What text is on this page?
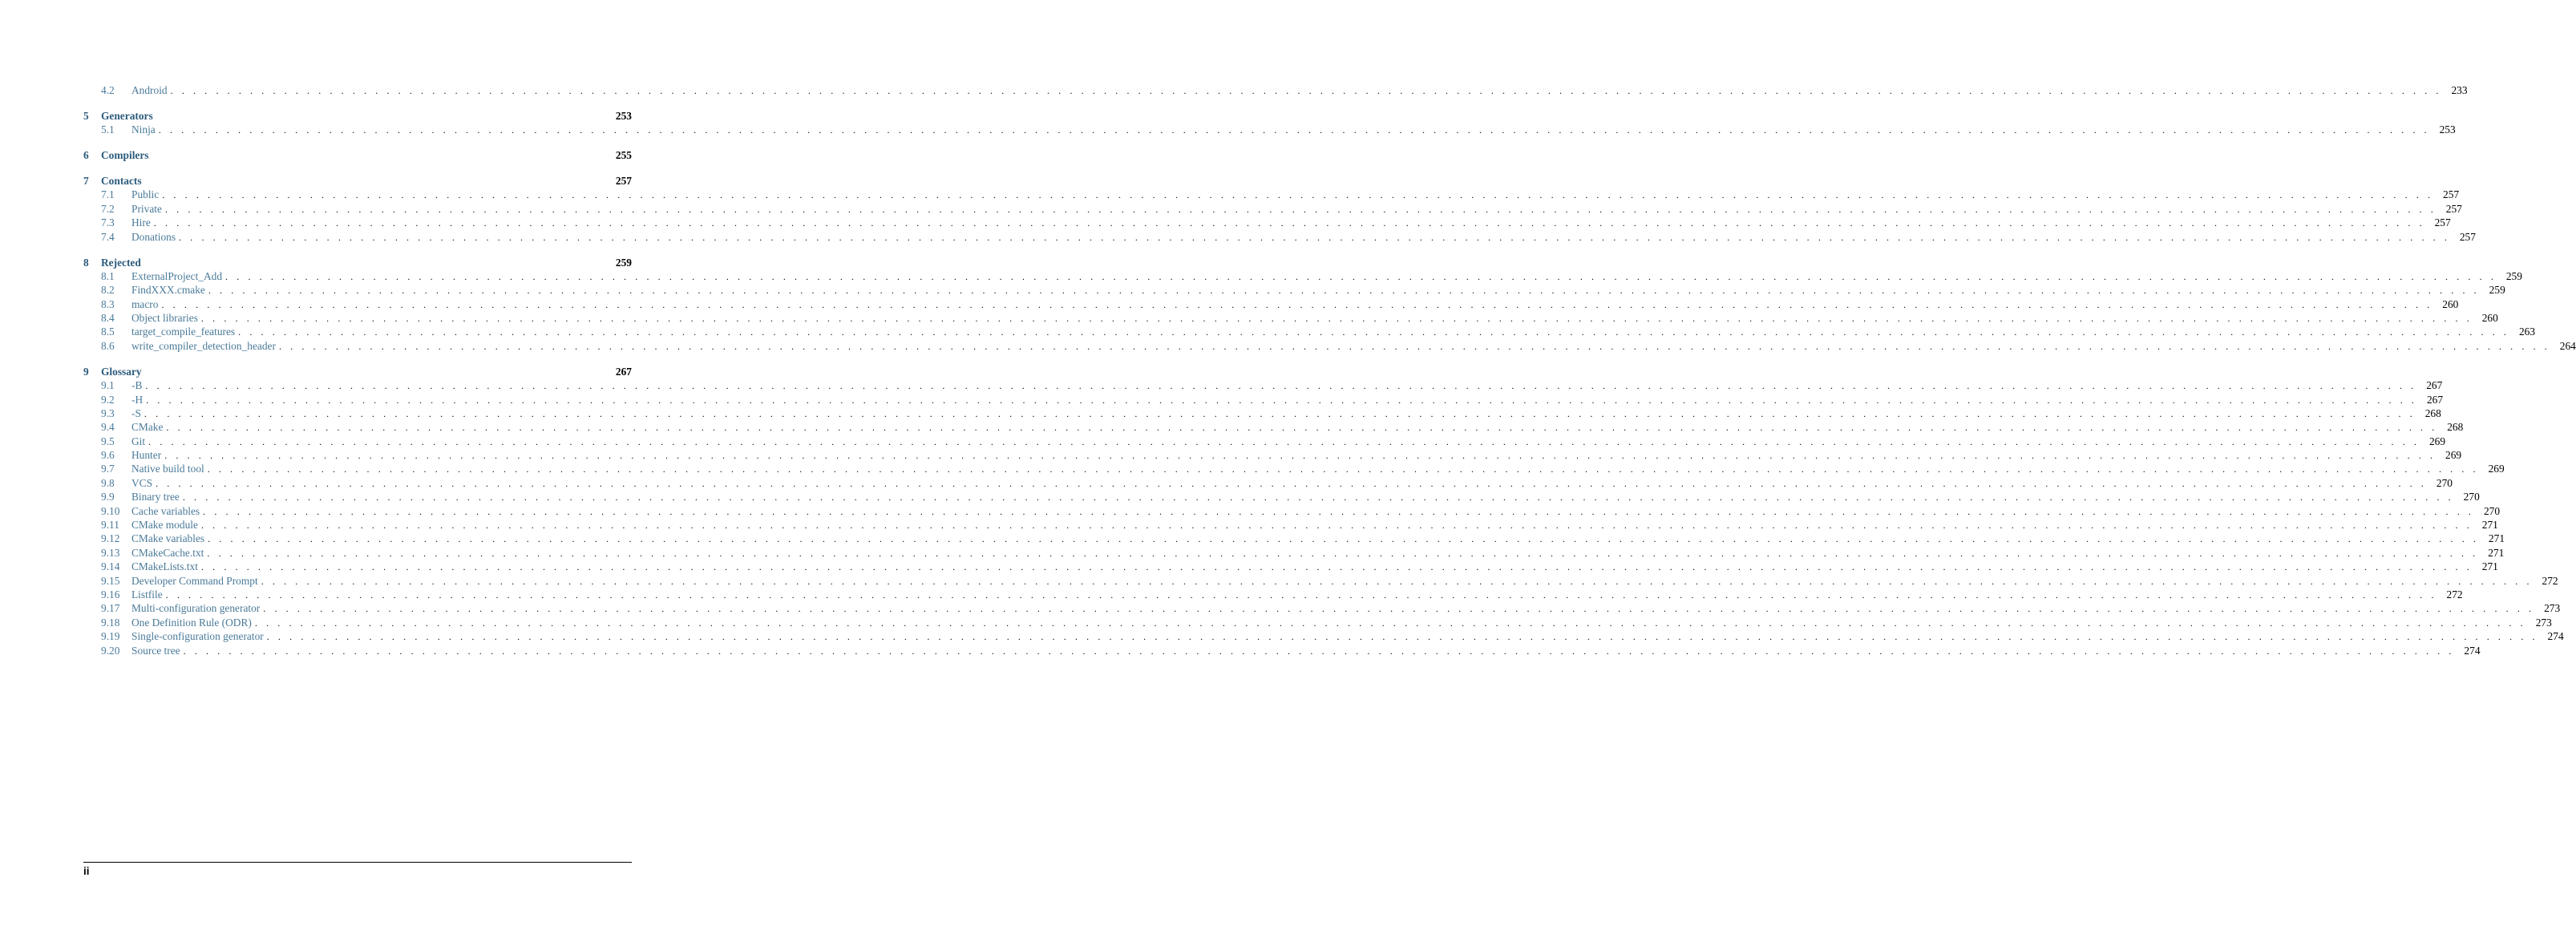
4.2	Android . . . . . . . . . . . . . . . . . . . . . . . . . . . . . . . . . . . . . . . . . . . . . . . . . . . . . . . . . . . . . . . . . . . . . . . . . . . . . . . . . . . . . . . . . . . . . . . . . . . . . . . . . . . . . . . . . . . . . . . . . . . . . . . . . . . . . . . . . . . . . . . . . . . . . . . . . . . . . . . . . . . . . . . . . . . . . . . . . . . . . . . . . . . . . . . . . . . . . . . . 233
5	Generators	253
5.1	Ninja . . . . . . . . . . . . . . . . . . . . . . . . . . . . . . . . . . . . . . . . . . . . . . . . . . . . . . . . . . . . . . . . . . . . . . . . . . . . . . . . . . . . . . . . . . . . . . . . . . . . . . . . . . . . . . . . . . . . . . . . . . . . . . . . . . . . . . . . . . . . . . . . . . . . . . . . . . . . . . . . . . . . . . . . . . . . . . . . . . . . . . . . . . . . . . . . . . . . . . . . 253
6	Compilers	255
7	Contacts	257
7.1	Public . . . . . . . . . . . . . . . . . . . . . . . . . . . . . . . . . . . . . . . . . . . . . . . . . . . . . . . . . . . . . . . . . . . . . . . . . . . . . . . . . . . . . . . . . . . . . . . . . . . . . . . . . . . . . . . . . . . . . . . . . . . . . . . . . . . . . . . . . . . . . . . . . . . . . . . . . . . . . . . . . . . . . . . . . . . . . . . . . . . . . . . . . . . . . . . . . . . . . . . . 257
7.2	Private . . . . . . . . . . . . . . . . . . . . . . . . . . . . . . . . . . . . . . . . . . . . . . . . . . . . . . . . . . . . . . . . . . . . . . . . . . . . . . . . . . . . . . . . . . . . . . . . . . . . . . . . . . . . . . . . . . . . . . . . . . . . . . . . . . . . . . . . . . . . . . . . . . . . . . . . . . . . . . . . . . . . . . . . . . . . . . . . . . . . . . . . . . . . . . . . . . . . . . . . 257
7.3	Hire . . . . . . . . . . . . . . . . . . . . . . . . . . . . . . . . . . . . . . . . . . . . . . . . . . . . . . . . . . . . . . . . . . . . . . . . . . . . . . . . . . . . . . . . . . . . . . . . . . . . . . . . . . . . . . . . . . . . . . . . . . . . . . . . . . . . . . . . . . . . . . . . . . . . . . . . . . . . . . . . . . . . . . . . . . . . . . . . . . . . . . . . . . . . . . . . . . . . . . . . 257
7.4	Donations . . . . . . . . . . . . . . . . . . . . . . . . . . . . . . . . . . . . . . . . . . . . . . . . . . . . . . . . . . . . . . . . . . . . . . . . . . . . . . . . . . . . . . . . . . . . . . . . . . . . . . . . . . . . . . . . . . . . . . . . . . . . . . . . . . . . . . . . . . . . . . . . . . . . . . . . . . . . . . . . . . . . . . . . . . . . . . . . . . . . . . . . . . . . . . . . . . . . . . . . 257
8	Rejected	259
8.1	ExternalProject_Add . . . . . . . . . . . . . . . . . . . . . . . . . . . . . . . . . . . . . . . . . . . . . . . . . . . . . . . . . . . . . . . . . . . . . . . . . . . . . . . . . . . . . . . . . . . . . . . . . . . . . . . . . . . . . . . . . . . . . . . . . . . . . . . . . . . . . . . . . . . . . . . . . . . . . . . . . . . . . . . . . . . . . . . . . . . . . . . . . . . . . . . . . . . . . . . . . . . . . . . . 259
8.2	FindXXX.cmake . . . . . . . . . . . . . . . . . . . . . . . . . . . . . . . . . . . . . . . . . . . . . . . . . . . . . . . . . . . . . . . . . . . . . . . . . . . . . . . . . . . . . . . . . . . . . . . . . . . . . . . . . . . . . . . . . . . . . . . . . . . . . . . . . . . . . . . . . . . . . . . . . . . . . . . . . . . . . . . . . . . . . . . . . . . . . . . . . . . . . . . . . . . . . . . . . . . . . . . . 259
8.3	macro . . . . . . . . . . . . . . . . . . . . . . . . . . . . . . . . . . . . . . . . . . . . . . . . . . . . . . . . . . . . . . . . . . . . . . . . . . . . . . . . . . . . . . . . . . . . . . . . . . . . . . . . . . . . . . . . . . . . . . . . . . . . . . . . . . . . . . . . . . . . . . . . . . . . . . . . . . . . . . . . . . . . . . . . . . . . . . . . . . . . . . . . . . . . . . . . . . . . . . . . 260
8.4	Object libraries . . . . . . . . . . . . . . . . . . . . . . . . . . . . . . . . . . . . . . . . . . . . . . . . . . . . . . . . . . . . . . . . . . . . . . . . . . . . . . . . . . . . . . . . . . . . . . . . . . . . . . . . . . . . . . . . . . . . . . . . . . . . . . . . . . . . . . . . . . . . . . . . . . . . . . . . . . . . . . . . . . . . . . . . . . . . . . . . . . . . . . . . . . . . . . . . . . . . . . . . 260
8.5	target_compile_features . . . . . . . . . . . . . . . . . . . . . . . . . . . . . . . . . . . . . . . . . . . . . . . . . . . . . . . . . . . . . . . . . . . . . . . . . . . . . . . . . . . . . . . . . . . . . . . . . . . . . . . . . . . . . . . . . . . . . . . . . . . . . . . . . . . . . . . . . . . . . . . . . . . . . . . . . . . . . . . . . . . . . . . . . . . . . . . . . . . . . . . . . . . . . . . . . . . . . . . . 263
8.6	write_compiler_detection_header . . . . . . . . . . . . . . . . . . . . . . . . . . . . . . . . . . . . . . . . . . . . . . . . . . . . . . . . . . . . . . . . . . . . . . . . . . . . . . . . . . . . . . . . . . . . . . . . . . . . . . . . . . . . . . . . . . . . . . . . . . . . . . . . . . . . . . . . . . . . . . . . . . . . . . . . . . . . . . . . . . . . . . . . . . . . . . . . . . . . . . . . . . . . . . . . . . . . . . . . 264
9	Glossary	267
9.1	-B . . . . . . . . . . . . . . . . . . . . . . . . . . . . . . . . . . . . . . . . . . . . . . . . . . . . . . . . . . . . . . . . . . . . . . . . . . . . . . . . . . . . . . . . . . . . . . . . . . . . . . . . . . . . . . . . . . . . . . . . . . . . . . . . . . . . . . . . . . . . . . . . . . . . . . . . . . . . . . . . . . . . . . . . . . . . . . . . . . . . . . . . . . . . . . . . . . . . . . . . 267
9.2	-H . . . . . . . . . . . . . . . . . . . . . . . . . . . . . . . . . . . . . . . . . . . . . . . . . . . . . . . . . . . . . . . . . . . . . . . . . . . . . . . . . . . . . . . . . . . . . . . . . . . . . . . . . . . . . . . . . . . . . . . . . . . . . . . . . . . . . . . . . . . . . . . . . . . . . . . . . . . . . . . . . . . . . . . . . . . . . . . . . . . . . . . . . . . . . . . . . . . . . . . . 267
9.3	-S . . . . . . . . . . . . . . . . . . . . . . . . . . . . . . . . . . . . . . . . . . . . . . . . . . . . . . . . . . . . . . . . . . . . . . . . . . . . . . . . . . . . . . . . . . . . . . . . . . . . . . . . . . . . . . . . . . . . . . . . . . . . . . . . . . . . . . . . . . . . . . . . . . . . . . . . . . . . . . . . . . . . . . . . . . . . . . . . . . . . . . . . . . . . . . . . . . . . . . . . 268
9.4	CMake . . . . . . . . . . . . . . . . . . . . . . . . . . . . . . . . . . . . . . . . . . . . . . . . . . . . . . . . . . . . . . . . . . . . . . . . . . . . . . . . . . . . . . . . . . . . . . . . . . . . . . . . . . . . . . . . . . . . . . . . . . . . . . . . . . . . . . . . . . . . . . . . . . . . . . . . . . . . . . . . . . . . . . . . . . . . . . . . . . . . . . . . . . . . . . . . . . . . . . . . 268
9.5	Git . . . . . . . . . . . . . . . . . . . . . . . . . . . . . . . . . . . . . . . . . . . . . . . . . . . . . . . . . . . . . . . . . . . . . . . . . . . . . . . . . . . . . . . . . . . . . . . . . . . . . . . . . . . . . . . . . . . . . . . . . . . . . . . . . . . . . . . . . . . . . . . . . . . . . . . . . . . . . . . . . . . . . . . . . . . . . . . . . . . . . . . . . . . . . . . . . . . . . . . . 269
9.6	Hunter . . . . . . . . . . . . . . . . . . . . . . . . . . . . . . . . . . . . . . . . . . . . . . . . . . . . . . . . . . . . . . . . . . . . . . . . . . . . . . . . . . . . . . . . . . . . . . . . . . . . . . . . . . . . . . . . . . . . . . . . . . . . . . . . . . . . . . . . . . . . . . . . . . . . . . . . . . . . . . . . . . . . . . . . . . . . . . . . . . . . . . . . . . . . . . . . . . . . . . . . 269
9.7	Native build tool . . . . . . . . . . . . . . . . . . . . . . . . . . . . . . . . . . . . . . . . . . . . . . . . . . . . . . . . . . . . . . . . . . . . . . . . . . . . . . . . . . . . . . . . . . . . . . . . . . . . . . . . . . . . . . . . . . . . . . . . . . . . . . . . . . . . . . . . . . . . . . . . . . . . . . . . . . . . . . . . . . . . . . . . . . . . . . . . . . . . . . . . . . . . . . . . . . . . . . . . 269
9.8	VCS . . . . . . . . . . . . . . . . . . . . . . . . . . . . . . . . . . . . . . . . . . . . . . . . . . . . . . . . . . . . . . . . . . . . . . . . . . . . . . . . . . . . . . . . . . . . . . . . . . . . . . . . . . . . . . . . . . . . . . . . . . . . . . . . . . . . . . . . . . . . . . . . . . . . . . . . . . . . . . . . . . . . . . . . . . . . . . . . . . . . . . . . . . . . . . . . . . . . . . . . 270
9.9	Binary tree . . . . . . . . . . . . . . . . . . . . . . . . . . . . . . . . . . . . . . . . . . . . . . . . . . . . . . . . . . . . . . . . . . . . . . . . . . . . . . . . . . . . . . . . . . . . . . . . . . . . . . . . . . . . . . . . . . . . . . . . . . . . . . . . . . . . . . . . . . . . . . . . . . . . . . . . . . . . . . . . . . . . . . . . . . . . . . . . . . . . . . . . . . . . . . . . . . . . . . . . 270
9.10	Cache variables . . . . . . . . . . . . . . . . . . . . . . . . . . . . . . . . . . . . . . . . . . . . . . . . . . . . . . . . . . . . . . . . . . . . . . . . . . . . . . . . . . . . . . . . . . . . . . . . . . . . . . . . . . . . . . . . . . . . . . . . . . . . . . . . . . . . . . . . . . . . . . . . . . . . . . . . . . . . . . . . . . . . . . . . . . . . . . . . . . . . . . . . . . . . . . . . . . . . . . . . 270
9.11	CMake module . . . . . . . . . . . . . . . . . . . . . . . . . . . . . . . . . . . . . . . . . . . . . . . . . . . . . . . . . . . . . . . . . . . . . . . . . . . . . . . . . . . . . . . . . . . . . . . . . . . . . . . . . . . . . . . . . . . . . . . . . . . . . . . . . . . . . . . . . . . . . . . . . . . . . . . . . . . . . . . . . . . . . . . . . . . . . . . . . . . . . . . . . . . . . . . . . . . . . . . . 271
9.12	CMake variables . . . . . . . . . . . . . . . . . . . . . . . . . . . . . . . . . . . . . . . . . . . . . . . . . . . . . . . . . . . . . . . . . . . . . . . . . . . . . . . . . . . . . . . . . . . . . . . . . . . . . . . . . . . . . . . . . . . . . . . . . . . . . . . . . . . . . . . . . . . . . . . . . . . . . . . . . . . . . . . . . . . . . . . . . . . . . . . . . . . . . . . . . . . . . . . . . . . . . . . . 271
9.13	CMakeCache.txt . . . . . . . . . . . . . . . . . . . . . . . . . . . . . . . . . . . . . . . . . . . . . . . . . . . . . . . . . . . . . . . . . . . . . . . . . . . . . . . . . . . . . . . . . . . . . . . . . . . . . . . . . . . . . . . . . . . . . . . . . . . . . . . . . . . . . . . . . . . . . . . . . . . . . . . . . . . . . . . . . . . . . . . . . . . . . . . . . . . . . . . . . . . . . . . . . . . . . . . . 271
9.14	CMakeLists.txt . . . . . . . . . . . . . . . . . . . . . . . . . . . . . . . . . . . . . . . . . . . . . . . . . . . . . . . . . . . . . . . . . . . . . . . . . . . . . . . . . . . . . . . . . . . . . . . . . . . . . . . . . . . . . . . . . . . . . . . . . . . . . . . . . . . . . . . . . . . . . . . . . . . . . . . . . . . . . . . . . . . . . . . . . . . . . . . . . . . . . . . . . . . . . . . . . . . . . . . . 271
9.15	Developer Command Prompt . . . . . . . . . . . . . . . . . . . . . . . . . . . . . . . . . . . . . . . . . . . . . . . . . . . . . . . . . . . . . . . . . . . . . . . . . . . . . . . . . . . . . . . . . . . . . . . . . . . . . . . . . . . . . . . . . . . . . . . . . . . . . . . . . . . . . . . . . . . . . . . . . . . . . . . . . . . . . . . . . . . . . . . . . . . . . . . . . . . . . . . . . . . . . . . . . . . . . . . . 272
9.16	Listfile . . . . . . . . . . . . . . . . . . . . . . . . . . . . . . . . . . . . . . . . . . . . . . . . . . . . . . . . . . . . . . . . . . . . . . . . . . . . . . . . . . . . . . . . . . . . . . . . . . . . . . . . . . . . . . . . . . . . . . . . . . . . . . . . . . . . . . . . . . . . . . . . . . . . . . . . . . . . . . . . . . . . . . . . . . . . . . . . . . . . . . . . . . . . . . . . . . . . . . . . 272
9.17	Multi-configuration generator . . . . . . . . . . . . . . . . . . . . . . . . . . . . . . . . . . . . . . . . . . . . . . . . . . . . . . . . . . . . . . . . . . . . . . . . . . . . . . . . . . . . . . . . . . . . . . . . . . . . . . . . . . . . . . . . . . . . . . . . . . . . . . . . . . . . . . . . . . . . . . . . . . . . . . . . . . . . . . . . . . . . . . . . . . . . . . . . . . . . . . . . . . . . . . . . . . . . . . . . 273
9.18	One Definition Rule (ODR) . . . . . . . . . . . . . . . . . . . . . . . . . . . . . . . . . . . . . . . . . . . . . . . . . . . . . . . . . . . . . . . . . . . . . . . . . . . . . . . . . . . . . . . . . . . . . . . . . . . . . . . . . . . . . . . . . . . . . . . . . . . . . . . . . . . . . . . . . . . . . . . . . . . . . . . . . . . . . . . . . . . . . . . . . . . . . . . . . . . . . . . . . . . . . . . . . . . . . . . . 273
9.19	Single-configuration generator . . . . . . . . . . . . . . . . . . . . . . . . . . . . . . . . . . . . . . . . . . . . . . . . . . . . . . . . . . . . . . . . . . . . . . . . . . . . . . . . . . . . . . . . . . . . . . . . . . . . . . . . . . . . . . . . . . . . . . . . . . . . . . . . . . . . . . . . . . . . . . . . . . . . . . . . . . . . . . . . . . . . . . . . . . . . . . . . . . . . . . . . . . . . . . . . . . . . . . . . 274
9.20	Source tree . . . . . . . . . . . . . . . . . . . . . . . . . . . . . . . . . . . . . . . . . . . . . . . . . . . . . . . . . . . . . . . . . . . . . . . . . . . . . . . . . . . . . . . . . . . . . . . . . . . . . . . . . . . . . . . . . . . . . . . . . . . . . . . . . . . . . . . . . . . . . . . . . . . . . . . . . . . . . . . . . . . . . . . . . . . . . . . . . . . . . . . . . . . . . . . . . . . . . . . . 274
ii
